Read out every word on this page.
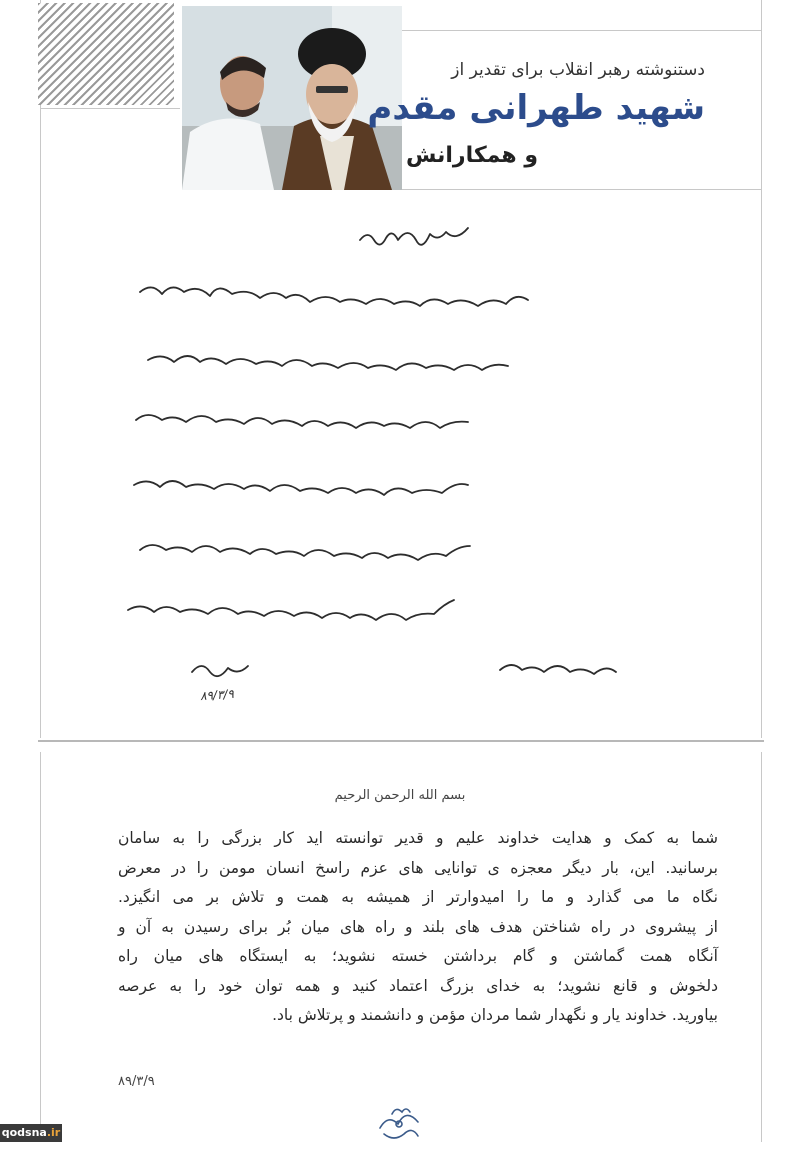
دستنوشته رهبر انقلاب برای تقدیر از
شهید طهرانی مقدم
و همکارانش
۸۹/۳/۹
بسم الله الرحمن الرحیم
شما به کمک و هدایت خداوند علیم و قدیر توانسته اید کار بزرگی را به سامان
برسانید. این، بار دیگر معجزه ی توانایی های عزم راسخ انسان مومن را در معرض
نگاه ما می گذارد و ما را امیدوارتر از همیشه به همت و تلاش بر می انگیزد.
از پیشروی در راه شناختن هدف های بلند و راه های میان بُر برای رسیدن به آن و
آنگاه همت گماشتن و گام برداشتن خسته نشوید؛ به ایستگاه های میان راه
دلخوش و قانع نشوید؛ به خدای بزرگ اعتماد کنید و همه توان خود را به عرصه
بیاورید. خداوند یار و نگهدار شما مردان مؤمن و دانشمند و پرتلاش باد.
۸۹/۳/۹
qodsna.ir
